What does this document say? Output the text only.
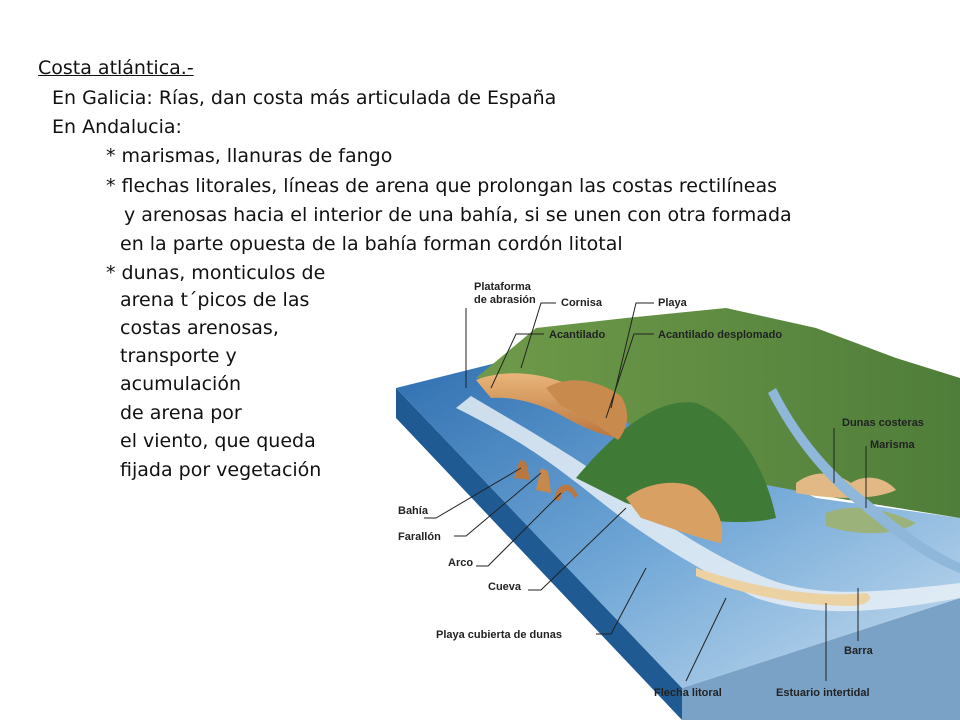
Costa atlántica.-
En Galicia: Rías, dan costa más articulada de España
En Andalucia:
* marismas, llanuras de fango
* flechas litorales, líneas de arena que prolongan las costas rectilíneas
y arenosas hacia el interior de una bahía, si se unen con otra formada
en la parte opuesta de la bahía forman cordón litotal
* dunas, monticulos de
arena t´picos de las
costas arenosas,
transporte y
acumulación
de arena por
el viento, que queda
fijada por vegetación
Plataforma
de abrasión Cornisa	Playa
Acantilado	Acantilado desplomado
Dunas costeras
Marisma
Bahía
Farallón
Arco
Cueva
Playa cubierta de dunas
Barra
Flecha litoral	Estuario intertidal
